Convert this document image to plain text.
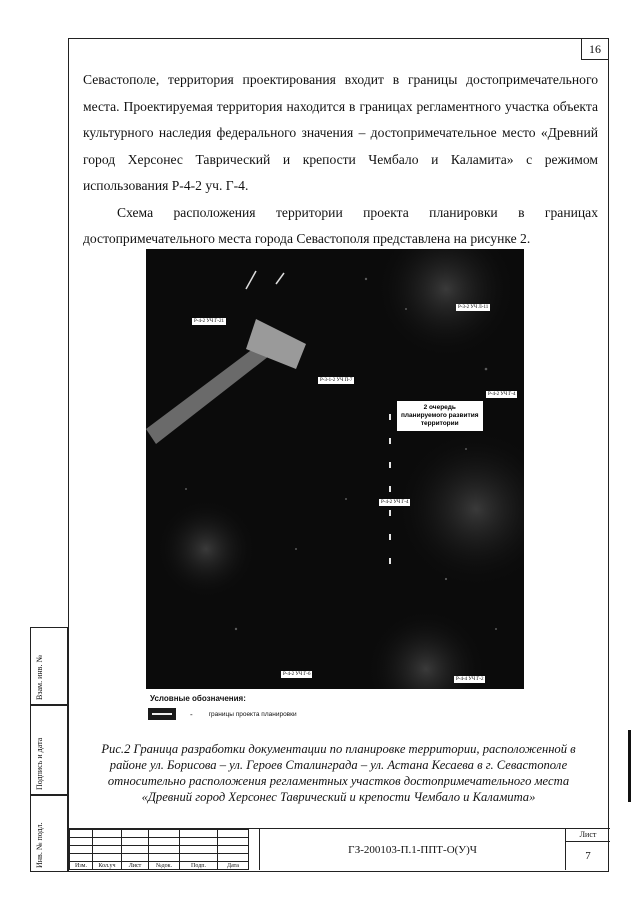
16

Севастополе, территория проектирования входит в границы достопримечательного места. Проектируемая территория находится в границах регламентного участка объекта культурного наследия федерального значения – достопримечательное место «Древний город Херсонес Таврический и крепости Чембало и Каламита» с режимом использования Р-4-2 уч. Г-4.

Схема расположения территории проекта планировки в границах достопримечательного места города Севастополя представлена на рисунке 2.

Р-4-2 УЧ Г-21
Р-3-2 УЧ Л-11
Р-3-1-2 УЧ П-7
Р-4-2 УЧ Г-4
Р-4-2 УЧ Г-4
Р-4-2 УЧ Г-6
Р-4-4 УЧ Г-2
2 очередь
планируемого развития
территории
Условные обозначения:
- границы проекта планировки
Рис.2 Граница разработки документации по планировке территории, расположенной в районе ул. Борисова – ул. Героев Сталинграда – ул. Астана Кесаева в г. Севастополе относительно расположения регламентных участков достопримечательного места «Древний город Херсонес Таврический и крепости Чембало и Каламита»

Изм.	Кол.уч	Лист	№док.	Подп.	Дата
ГЗ-200103-П.1-ППТ-О(У)Ч
Лист
7
Взам. инв. №
Подпись и дата
Инв. № подл.
